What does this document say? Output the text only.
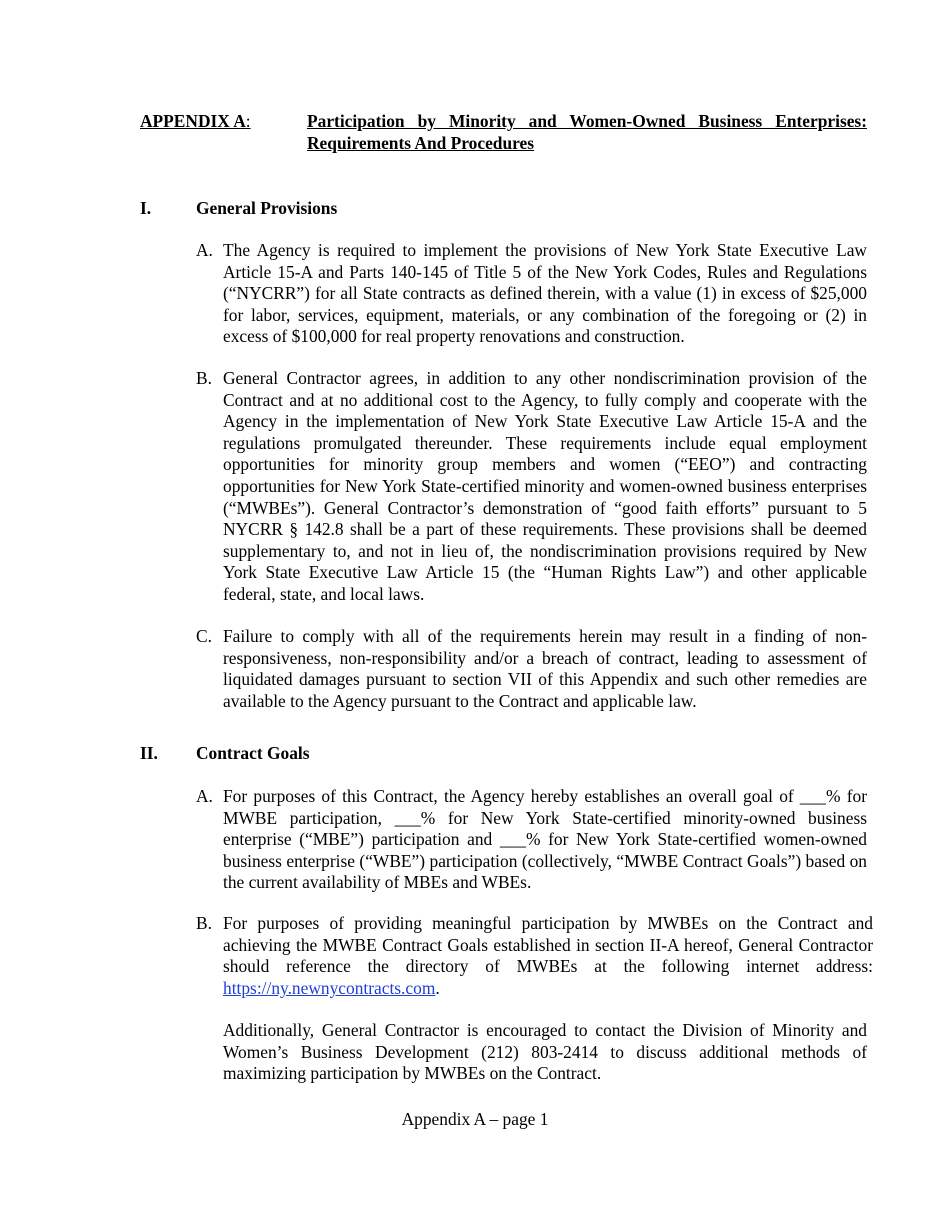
APPENDIX A:	Participation by Minority and Women-Owned Business Enterprises: Requirements And Procedures
I.	General Provisions
A. The Agency is required to implement the provisions of New York State Executive Law Article 15-A and Parts 140-145 of Title 5 of the New York Codes, Rules and Regulations (“NYCRR”) for all State contracts as defined therein, with a value (1) in excess of $25,000 for labor, services, equipment, materials, or any combination of the foregoing or (2) in excess of $100,000 for real property renovations and construction.
B. General Contractor agrees, in addition to any other nondiscrimination provision of the Contract and at no additional cost to the Agency, to fully comply and cooperate with the Agency in the implementation of New York State Executive Law Article 15-A and the regulations promulgated thereunder. These requirements include equal employment opportunities for minority group members and women (“EEO”) and contracting opportunities for New York State-certified minority and women-owned business enterprises (“MWBEs”). General Contractor’s demonstration of “good faith efforts” pursuant to 5 NYCRR § 142.8 shall be a part of these requirements. These provisions shall be deemed supplementary to, and not in lieu of, the nondiscrimination provisions required by New York State Executive Law Article 15 (the “Human Rights Law”) and other applicable federal, state, and local laws.
C. Failure to comply with all of the requirements herein may result in a finding of non-responsiveness, non-responsibility and/or a breach of contract, leading to assessment of liquidated damages pursuant to section VII of this Appendix and such other remedies are available to the Agency pursuant to the Contract and applicable law.
II. Contract Goals
A. For purposes of this Contract, the Agency hereby establishes an overall goal of ___% for MWBE participation, ___% for New York State-certified minority-owned business enterprise (“MBE”) participation and ___% for New York State-certified women-owned business enterprise (“WBE”) participation (collectively, “MWBE Contract Goals”) based on the current availability of MBEs and WBEs.
B. For purposes of providing meaningful participation by MWBEs on the Contract and achieving the MWBE Contract Goals established in section II-A hereof, General Contractor should reference the directory of MWBEs at the following internet address: https://ny.newnycontracts.com.
Additionally, General Contractor is encouraged to contact the Division of Minority and Women’s Business Development (212) 803-2414 to discuss additional methods of maximizing participation by MWBEs on the Contract.
Appendix A – page 1
